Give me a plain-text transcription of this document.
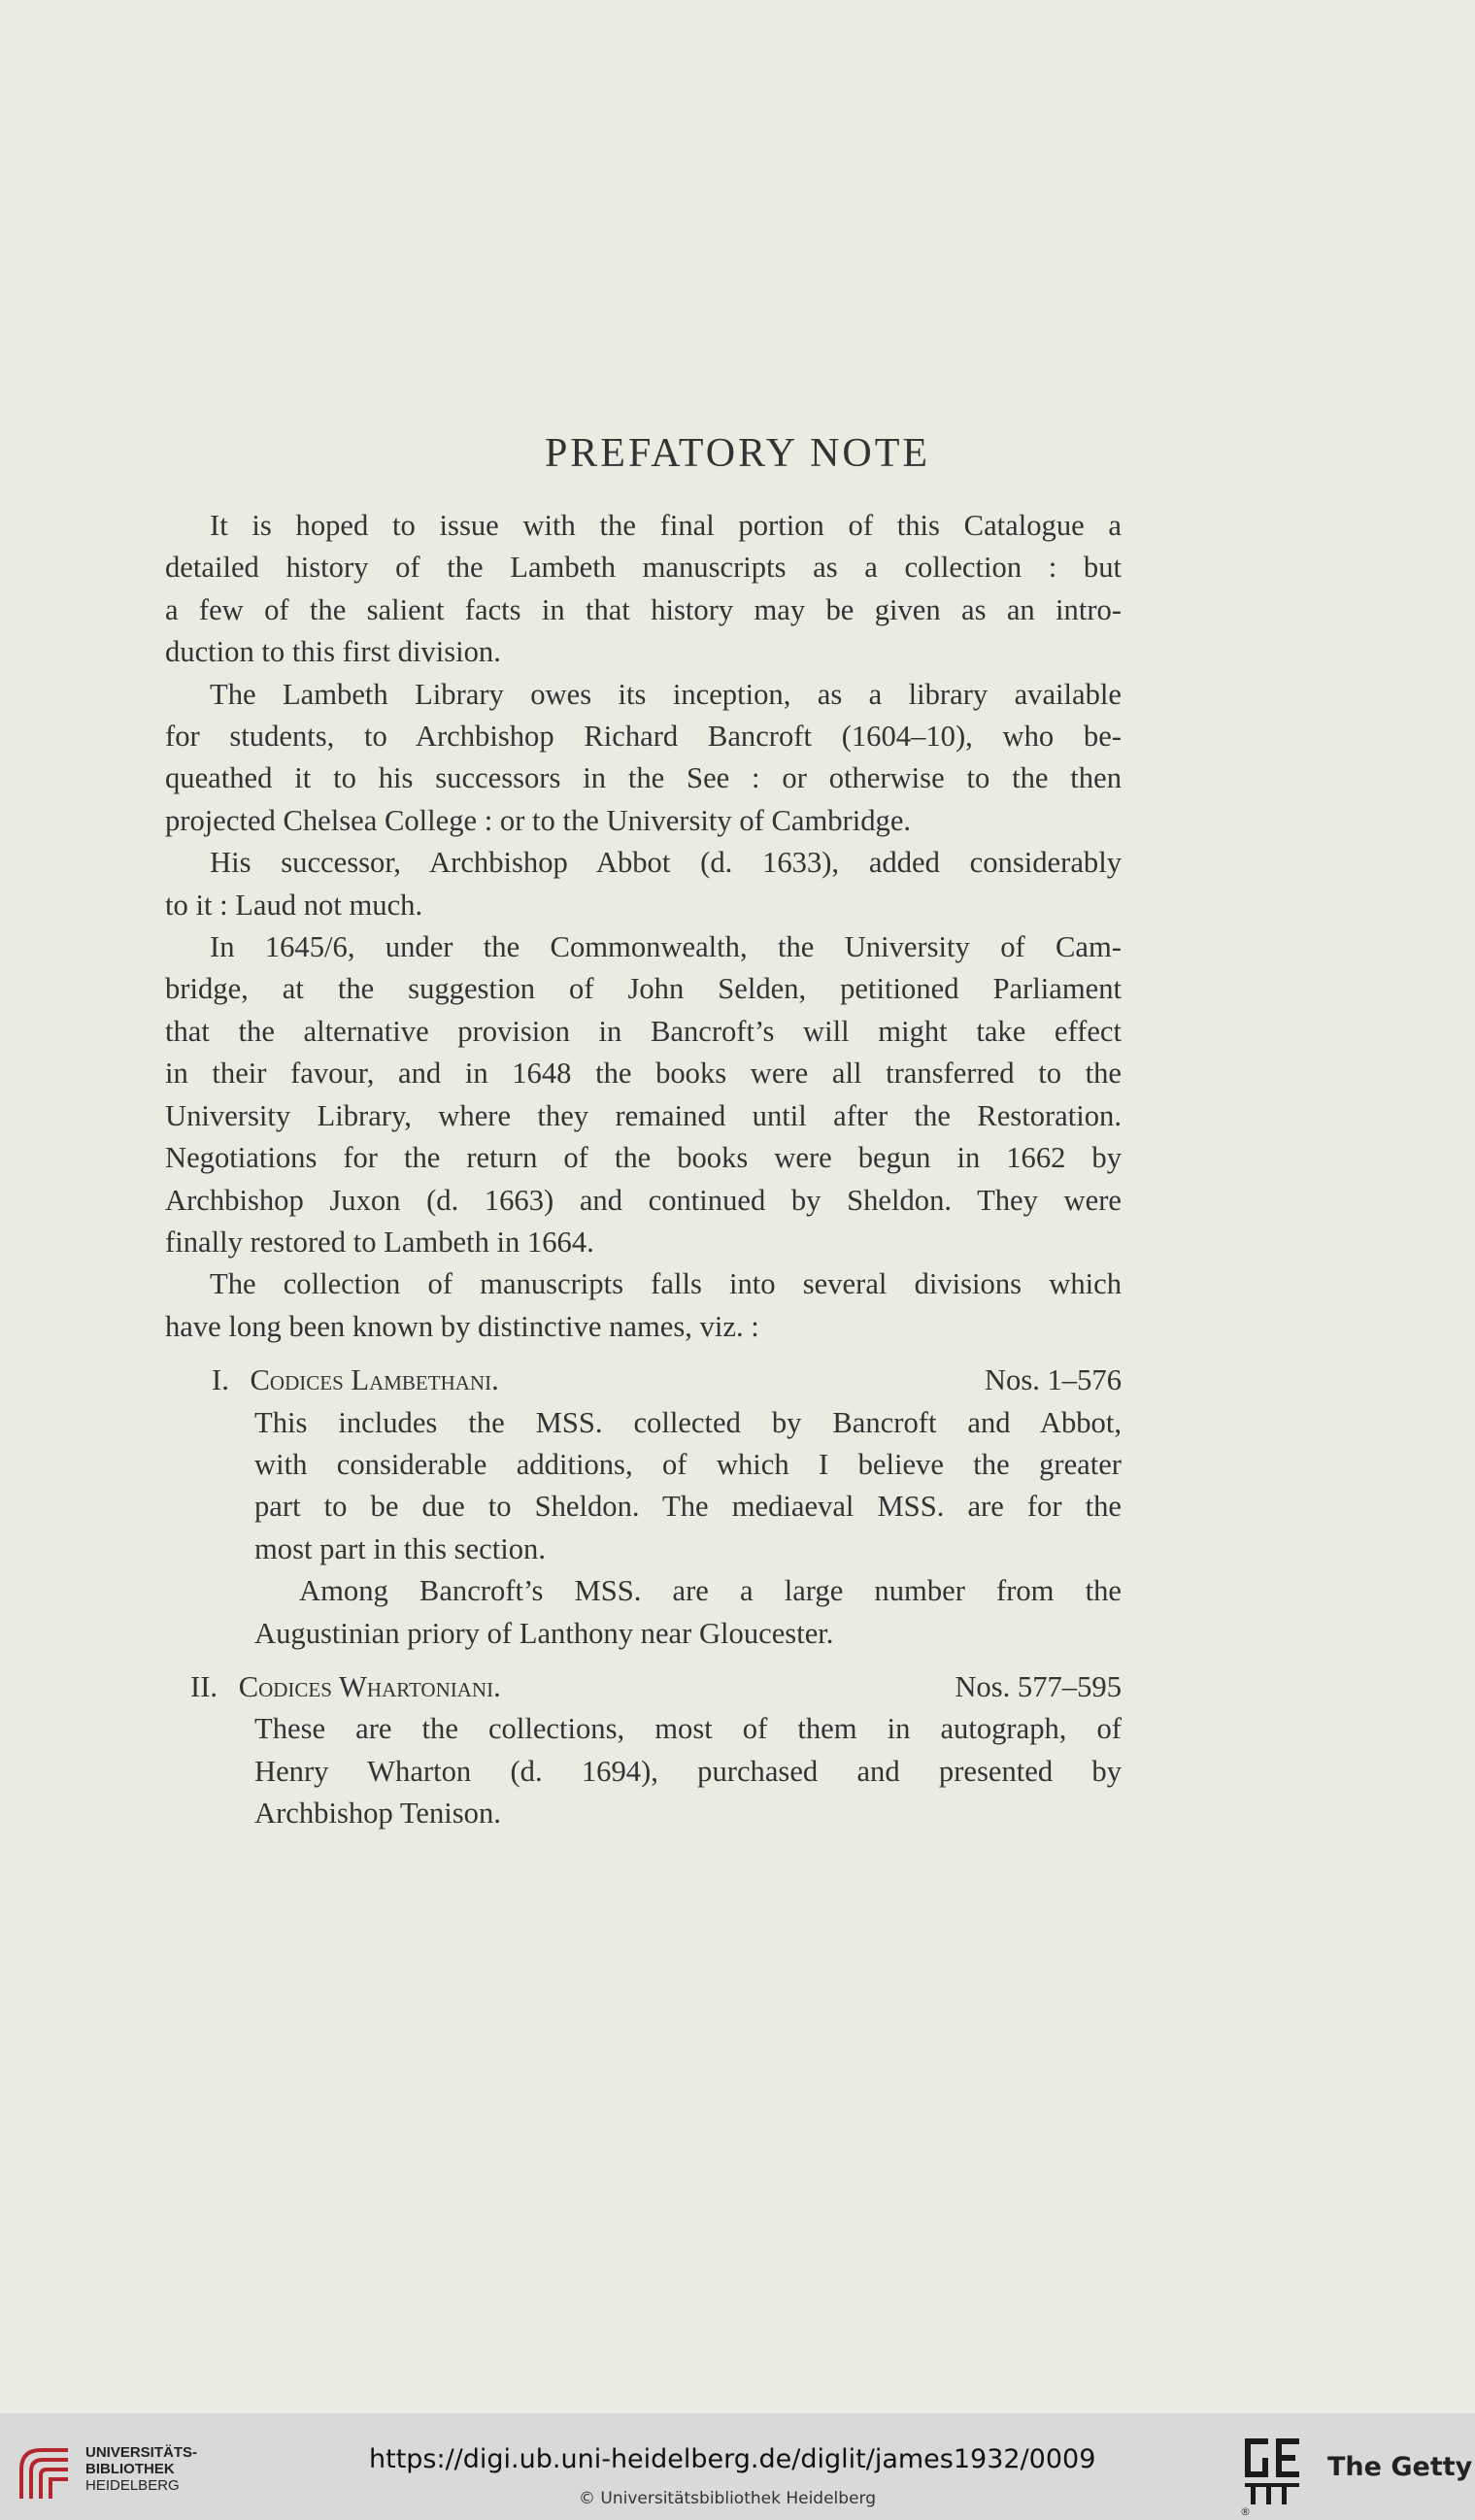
PREFATORY NOTE
It is hoped to issue with the final portion of this Catalogue a
detailed history of the Lambeth manuscripts as a collection : but
a few of the salient facts in that history may be given as an intro-
duction to this first division.
The Lambeth Library owes its inception, as a library available
for students, to Archbishop Richard Bancroft (1604–10), who be-
queathed it to his successors in the See : or otherwise to the then
projected Chelsea College : or to the University of Cambridge.
His successor, Archbishop Abbot (d. 1633), added considerably
to it : Laud not much.
In 1645/6, under the Commonwealth, the University of Cam-
bridge, at the suggestion of John Selden, petitioned Parliament
that the alternative provision in Bancroft’s will might take effect
in their favour, and in 1648 the books were all transferred to the
University Library, where they remained until after the Restoration.
Negotiations for the return of the books were begun in 1662 by
Archbishop Juxon (d. 1663) and continued by Sheldon. They were
finally restored to Lambeth in 1664.
The collection of manuscripts falls into several divisions which
have long been known by distinctive names, viz. :
I. Codices Lambethani.	Nos. 1–576
This includes the MSS. collected by Bancroft and Abbot,
with considerable additions, of which I believe the greater
part to be due to Sheldon. The mediaeval MSS. are for the
most part in this section.
Among Bancroft’s MSS. are a large number from the
Augustinian priory of Lanthony near Gloucester.
II. Codices Whartoniani.	Nos. 577–595
These are the collections, most of them in autograph, of
Henry Wharton (d. 1694), purchased and presented by
Archbishop Tenison.
UNIVERSITÄTS-
BIBLIOTHEK
HEIDELBERG
https://digi.ub.uni-heidelberg.de/diglit/james1932/0009
© Universitätsbibliothek Heidelberg
The Getty
®
